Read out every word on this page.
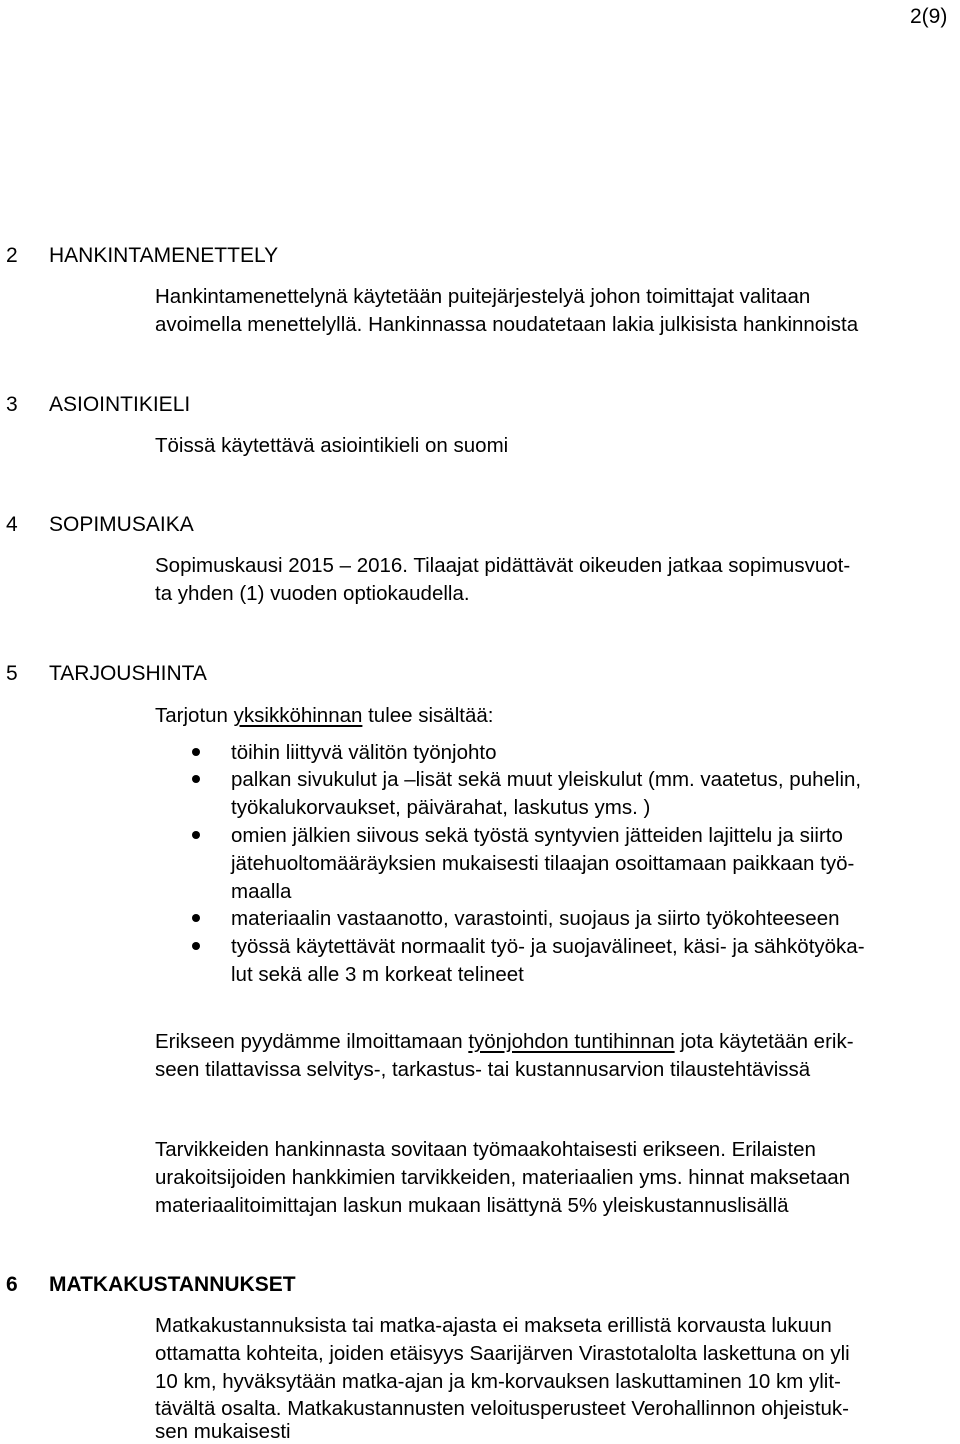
2(9)
2 HANKINTAMENETTELY
Hankintamenettelynä käytetään puitejärjestelyä johon toimittajat valitaan
avoimella menettelyllä. Hankinnassa noudatetaan lakia julkisista hankinnoista
3 ASIOINTIKIELI
Töissä käytettävä asiointikieli on suomi
4 SOPIMUSAIKA
Sopimuskausi 2015 – 2016. Tilaajat pidättävät oikeuden jatkaa sopimusvuot-
ta yhden (1) vuoden optiokaudella.
5 TARJOUSHINTA
Tarjotun yksikköhinnan tulee sisältää:
töihin liittyvä välitön työnjohto
palkan sivukulut ja –lisät sekä muut yleiskulut (mm. vaatetus, puhelin,
työkalukorvaukset, päivärahat, laskutus yms. )
omien jälkien siivous sekä työstä syntyvien jätteiden lajittelu ja siirto
jätehuoltomääräyksien mukaisesti tilaajan osoittamaan paikkaan työ-
maalla
materiaalin vastaanotto, varastointi, suojaus ja siirto työkohteeseen
työssä käytettävät normaalit työ- ja suojavälineet, käsi- ja sähkötyöka-
lut sekä alle 3 m korkeat telineet
Erikseen pyydämme ilmoittamaan työnjohdon tuntihinnan jota käytetään erik-
seen tilattavissa selvitys-, tarkastus- tai kustannusarvion tilaustehtävissä
Tarvikkeiden hankinnasta sovitaan työmaakohtaisesti erikseen. Erilaisten
urakoitsijoiden hankkimien tarvikkeiden, materiaalien yms. hinnat maksetaan
materiaalitoimittajan laskun mukaan lisättynä 5% yleiskustannuslisällä
6 MATKAKUSTANNUKSET
Matkakustannuksista tai matka-ajasta ei makseta erillistä korvausta lukuun
ottamatta kohteita, joiden etäisyys Saarijärven Virastotalolta laskettuna on yli
10 km, hyväksytään matka-ajan ja km-korvauksen laskuttaminen 10 km ylit-
tävältä osalta. Matkakustannusten veloitusperusteet Verohallinnon ohjeistuk-
sen mukaisesti
